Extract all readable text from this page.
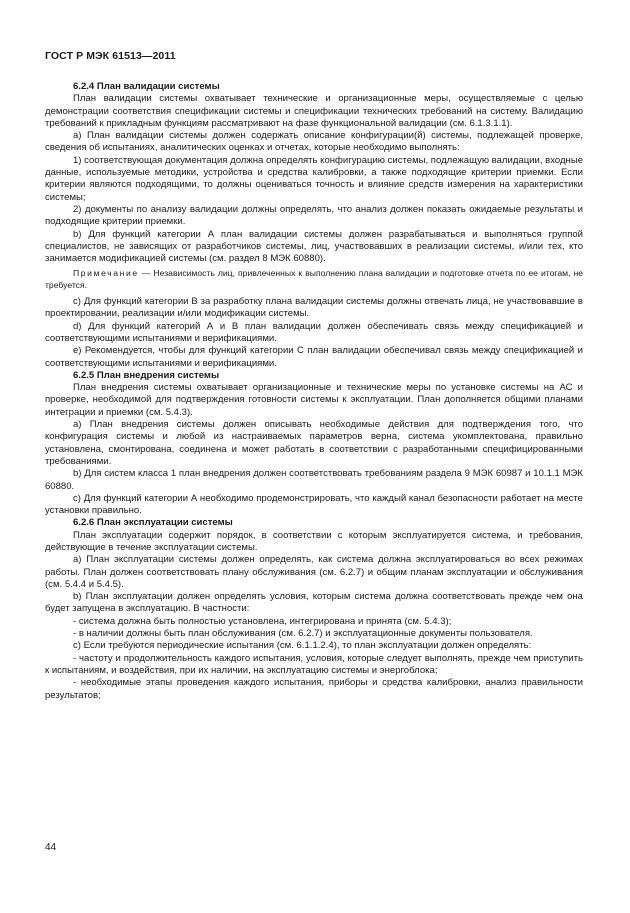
ГОСТ Р МЭК 61513—2011

6.2.4 План валидации системы

План валидации системы охватывает технические и организационные меры, осуществляемые с целью демонстрации соответствия спецификации системы и спецификации технических требований на систему. Валидацию требований к прикладным функциям рассматривают на фазе функциональной валидации (см. 6.1.3.1.1).

а) План валидации системы должен содержать описание конфигурации(й) системы, подлежащей проверке, сведения об испытаниях, аналитических оценках и отчетах, которые необходимо выполнять:

1) соответствующая документация должна определять конфигурацию системы, подлежащую валидации, входные данные, используемые методики, устройства и средства калибровки, а также подходящие критерии приемки. Если критерии являются подходящими, то должны оцениваться точность и влияние средств измерения на характеристики системы;

2) документы по анализу валидации должны определять, что анализ должен показать ожидаемые результаты и подходящие критерии приемки.

b) Для функций категории А план валидации системы должен разрабатываться и выполняться группой специалистов, не зависящих от разработчиков системы, лиц, участвовавших в реализации системы, и/или тех, кто занимается модификацией системы (см. раздел 8 МЭК 60880).

Примечание — Независимость лиц, привлеченных к выполнению плана валидации и подготовке отчета по ее итогам, не требуется.

c) Для функций категории В за разработку плана валидации системы должны отвечать лица, не участвовавшие в проектировании, реализации и/или модификации системы.

d) Для функций категорий А и В план валидации должен обеспечивать связь между спецификацией и соответствующими испытаниями и верификациями.

e) Рекомендуется, чтобы для функций категории С план валидации обеспечивал связь между спецификацией и соответствующими испытаниями и верификациями.

6.2.5 План внедрения системы

План внедрения системы охватывает организационные и технические меры по установке системы на АС и проверке, необходимой для подтверждения готовности системы к эксплуатации. План дополняется общими планами интеграции и приемки (см. 5.4.3).

а) План внедрения системы должен описывать необходимые действия для подтверждения того, что конфигурация системы и любой из настраиваемых параметров верна, система укомплектована, правильно установлена, смонтирована, соединена и может работать в соответствии с разработанными специфицированными требованиями.

b) Для систем класса 1 план внедрения должен соответствовать требованиям раздела 9 МЭК 60987 и 10.1.1 МЭК 60880.

c) Для функций категории А необходимо продемонстрировать, что каждый канал безопасности работает на месте установки правильно.

6.2.6 План эксплуатации системы

План эксплуатации содержит порядок, в соответствии с которым эксплуатируется система, и требования, действующие в течение эксплуатации системы.

а) План эксплуатации системы должен определять, как система должна эксплуатироваться во всех режимах работы. План должен соответствовать плану обслуживания (см. 6.2.7) и общим планам эксплуатации и обслуживания (см. 5.4.4 и 5.4.5).

b) План эксплуатации должен определять условия, которым система должна соответствовать прежде чем она будет запущена в эксплуатацию. В частности:

- система должна быть полностью установлена, интегрирована и принята (см. 5.4.3);

- в наличии должны быть план обслуживания (см. 6.2.7) и эксплуатационные документы пользователя.

c) Если требуются периодические испытания (см. 6.1.1.2.4), то план эксплуатации должен определять:

- частоту и продолжительность каждого испытания, условия, которые следует выполнять, прежде чем приступить к испытаниям, и воздействия, при их наличии, на эксплуатацию системы и энергоблока;

- необходимые этапы проведения каждого испытания, приборы и средства калибровки, анализ правильности результатов;

44
